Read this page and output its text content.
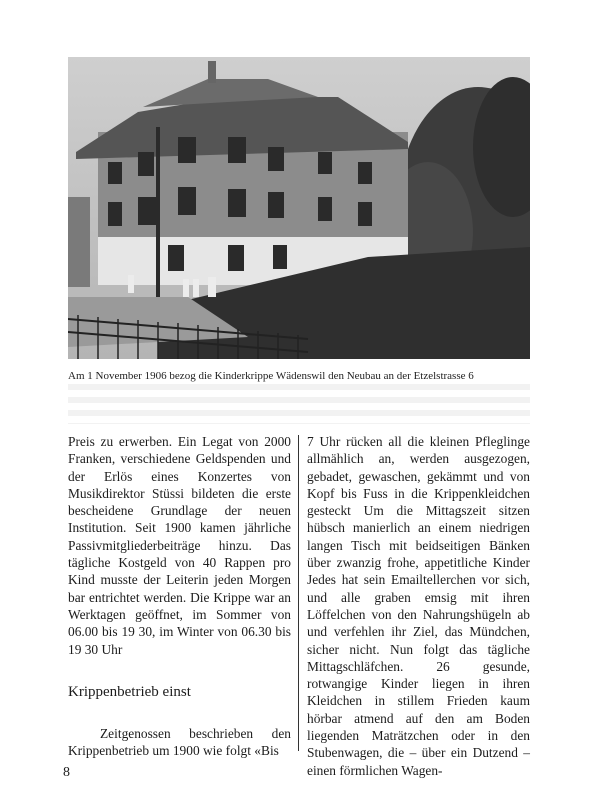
Am 1 November 1906 bezog die Kinderkrippe Wädenswil den Neubau an der Etzelstrasse 6

Preis zu erwerben. Ein Legat von 2000 Franken, verschiedene Geldspenden und der Erlös eines Konzertes von Musikdirektor Stüssi bildeten die erste bescheidene Grundlage der neuen Institution. Seit 1900 kamen jährliche Passivmitgliederbeiträge hinzu. Das tägliche Kostgeld von 40 Rappen pro Kind musste der Leiterin jeden Morgen bar entrichtet werden. Die Krippe war an Werktagen geöffnet, im Sommer von 06.00 bis 19 30, im Winter von 06.30 bis 19 30 Uhr

Krippenbetrieb einst

Zeitgenossen beschrieben den Krippenbetrieb um 1900 wie folgt «Bis

7 Uhr rücken all die kleinen Pfleglinge allmählich an, werden ausgezogen, gebadet, gewaschen, gekämmt und von Kopf bis Fuss in die Krippenkleidchen gesteckt Um die Mittagszeit sitzen hübsch manierlich an einem niedrigen langen Tisch mit beidseitigen Bänken über zwanzig frohe, appetitliche Kinder Jedes hat sein Emailtellerchen vor sich, und alle graben emsig mit ihren Löffelchen von den Nahrungshügeln ab und verfehlen ihr Ziel, das Mündchen, sicher nicht. Nun folgt das tägliche Mittagschläfchen. 26 gesunde, rotwangige Kinder liegen in ihren Kleidchen in stillem Frieden kaum hörbar atmend auf den am Boden liegenden Maträtzchen oder in den Stubenwagen, die – über ein Dutzend – einen förmlichen Wagen-

8
